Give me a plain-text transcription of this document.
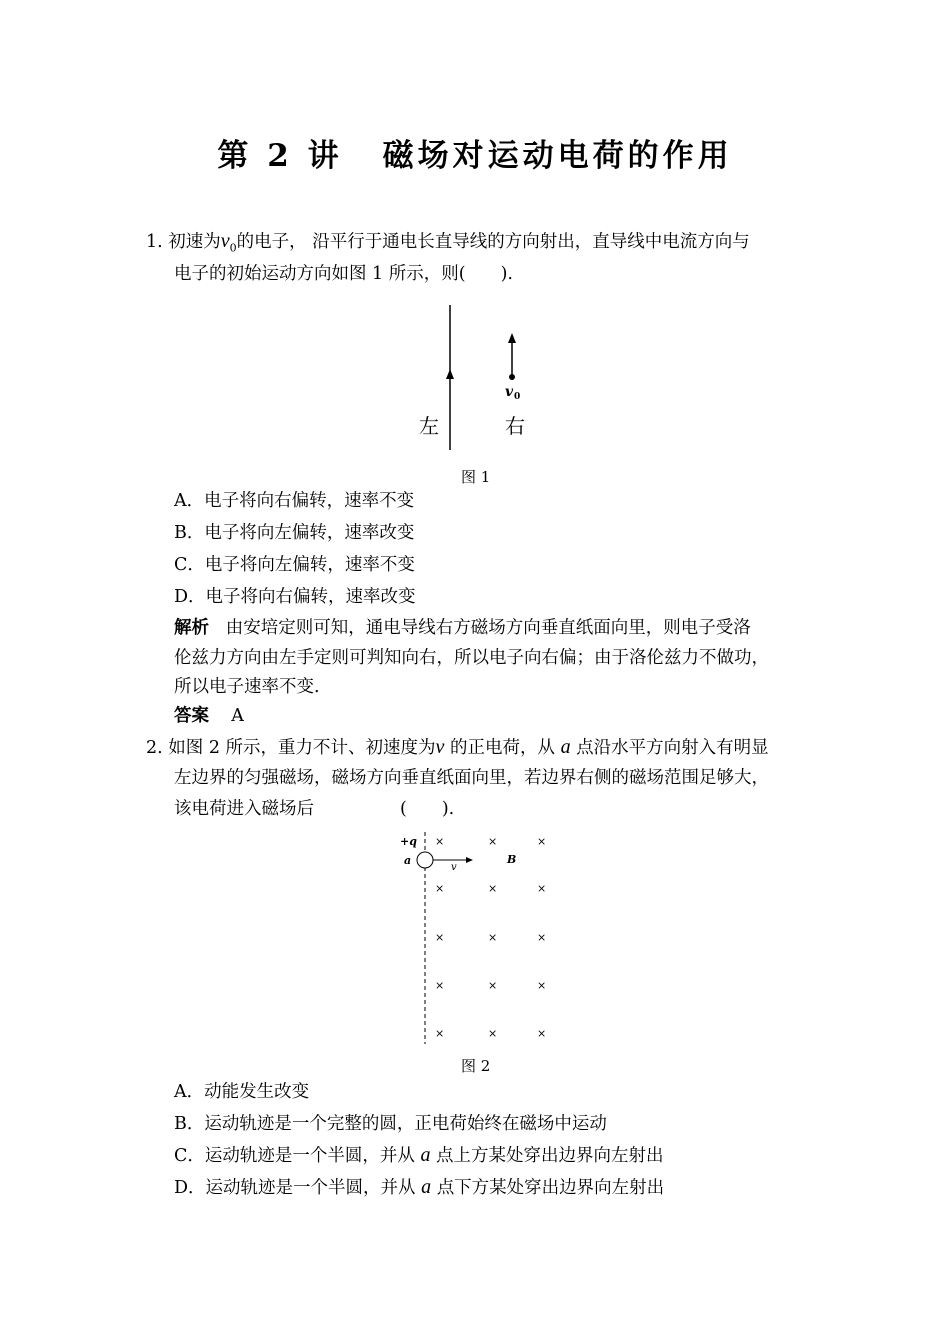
第 2 讲 磁场对运动电荷的作用
1. 初速为$v_0$的电子， 沿平行于通电长直导线的方向射出，直导线中电流方向与
电子的初始运动方向如图 1 所示，则(　　).
v 0
左	右
图 1
A．电子将向右偏转，速率不变
B．电子将向左偏转，速率改变
C．电子将向左偏转，速率不变
D．电子将向右偏转，速率改变
解析 由安培定则可知，通电导线右方磁场方向垂直纸面向里，则电子受洛
伦兹力方向由左手定则可判知向右，所以电子向右偏；由于洛伦兹力不做功，
所以电子速率不变.
答案 A
2. 如图 2 所示，重力不计、初速度为v 的正电荷，从 a 点沿水平方向射入有明显
左边界的匀强磁场，磁场方向垂直纸面向里，若边界右侧的磁场范围足够大，
该电荷进入磁场后	(　　).
+q
a
v
B
×	×	×
×	×	×
×	×	×
×	×	×
×	×	×
图 2
A．动能发生改变
B．运动轨迹是一个完整的圆，正电荷始终在磁场中运动
C．运动轨迹是一个半圆，并从 a 点上方某处穿出边界向左射出
D．运动轨迹是一个半圆，并从 a 点下方某处穿出边界向左射出
